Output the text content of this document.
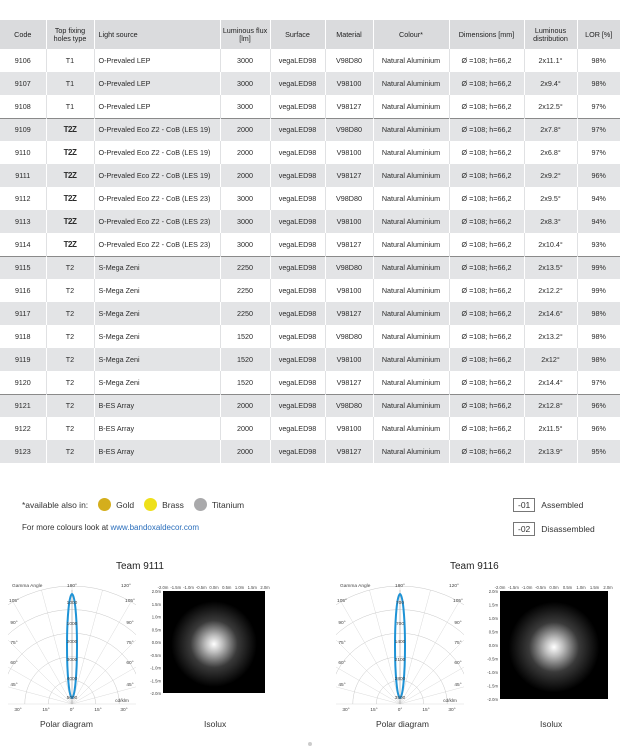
Code	Top fixing holes type	Light source	Luminous flux [lm]	Surface	Material	Colour*	Dimensions [mm]	Luminous distribution	LOR [%]
9106	T1	O-Prevaled LEP	3000	vegaLED98	V98D80	Natural Aluminium	Ø =108; h=66,2	2x11.1°	98%
9107	T1	O-Prevaled LEP	3000	vegaLED98	V98100	Natural Aluminium	Ø =108; h=66,2	2x9.4°	98%
9108	T1	O-Prevaled LEP	3000	vegaLED98	V98127	Natural Aluminium	Ø =108; h=66,2	2x12.5°	97%
9109	T2Z	O-Prevaled Eco Z2 - CoB (LES 19)	2000	vegaLED98	V98D80	Natural Aluminium	Ø =108; h=66,2	2x7.8°	97%
9110	T2Z	O-Prevaled Eco Z2 - CoB (LES 19)	2000	vegaLED98	V98100	Natural Aluminium	Ø =108; h=66,2	2x6.8°	97%
9111	T2Z	O-Prevaled Eco Z2 - CoB (LES 19)	2000	vegaLED98	V98127	Natural Aluminium	Ø =108; h=66,2	2x9.2°	96%
9112	T2Z	O-Prevaled Eco Z2 - CoB (LES 23)	3000	vegaLED98	V98D80	Natural Aluminium	Ø =108; h=66,2	2x9.5°	94%
9113	T2Z	O-Prevaled Eco Z2 - CoB (LES 23)	3000	vegaLED98	V98100	Natural Aluminium	Ø =108; h=66,2	2x8.3°	94%
9114	T2Z	O-Prevaled Eco Z2 - CoB (LES 23)	3000	vegaLED98	V98127	Natural Aluminium	Ø =108; h=66,2	2x10.4°	93%
9115	T2	S-Mega Zeni	2250	vegaLED98	V98D80	Natural Aluminium	Ø =108; h=66,2	2x13.5°	99%
9116	T2	S-Mega Zeni	2250	vegaLED98	V98100	Natural Aluminium	Ø =108; h=66,2	2x12.2°	99%
9117	T2	S-Mega Zeni	2250	vegaLED98	V98127	Natural Aluminium	Ø =108; h=66,2	2x14.6°	98%
9118	T2	S-Mega Zeni	1520	vegaLED98	V98D80	Natural Aluminium	Ø =108; h=66,2	2x13.2°	98%
9119	T2	S-Mega Zeni	1520	vegaLED98	V98100	Natural Aluminium	Ø =108; h=66,2	2x12°	98%
9120	T2	S-Mega Zeni	1520	vegaLED98	V98127	Natural Aluminium	Ø =108; h=66,2	2x14.4°	97%
9121	T2	B-ES Array	2000	vegaLED98	V98D80	Natural Aluminium	Ø =108; h=66,2	2x12.8°	96%
9122	T2	B-ES Array	2000	vegaLED98	V98100	Natural Aluminium	Ø =108; h=66,2	2x11.5°	96%
9123	T2	B-ES Array	2000	vegaLED98	V98127	Natural Aluminium	Ø =108; h=66,2	2x13.9°	95%
*available also in:	Gold	Brass	Titanium
For more colours look at www.bandoxaldecor.com
-01	Assembled
-02	Disassembled
Team 9111
Gamma Angle	180°	120°
105°
90°
75°
60°
45°
105°
90°
75°
60°
45°
30°	15°	0°	15°	30°
cd/klm
1000
1000
2000
3000
4000
5000
-2.0m -1.5m -1.0m -0.5m 0.0m 0.5m 1.0m 1.5m 2.0m
2.0m
1.5m
1.0m
0.5m
0.0m
-0.5m
-1.0m
-1.5m
-2.0m
Polar diagram	Isolux
Team 9116
Gamma Angle	180°	120°
105°
90°
75°
60°
45°
105°
90°
75°
60°
45°
30°	15°	0°	15°	30°
cd/klm
700
700
1400
2100
2800
3500
-2.0m -1.5m -1.0m -0.5m 0.0m 0.5m 1.0m 1.5m 2.0m
2.0m
1.5m
1.0m
0.5m
0.0m
-0.5m
-1.0m
-1.5m
-2.0m
Polar diagram	Isolux
